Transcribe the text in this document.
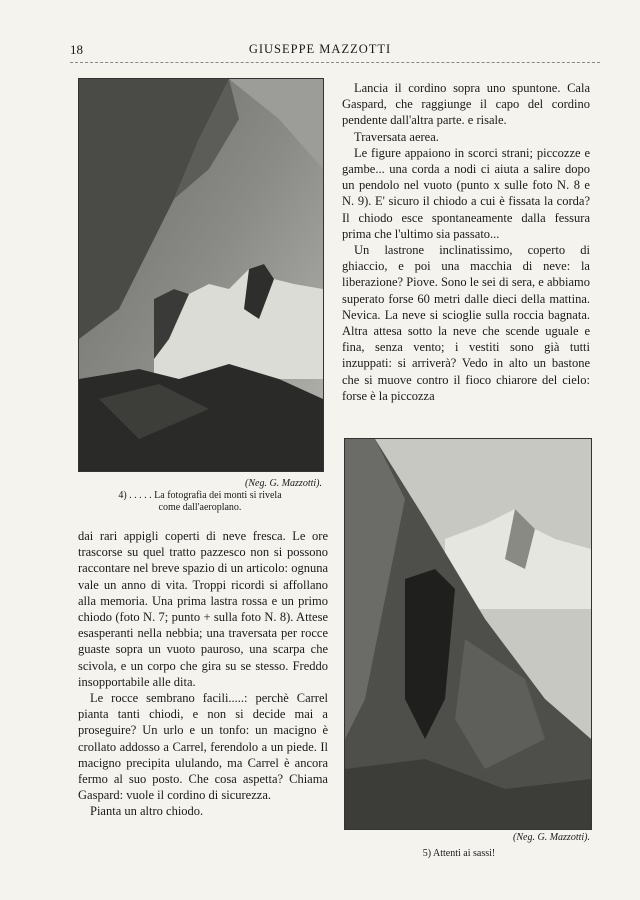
18	GIUSEPPE MAZZOTTI
(Neg. G. Mazzotti).
4) . . . . . La fotografia dei monti si rivela
come dall'aeroplano.

Lancia il cordino sopra uno spuntone. Cala Gaspard, che raggiunge il capo del cordino pendente dall'altra parte. e risale.

Traversata aerea.

Le figure appaiono in scorci strani; piccozze e gambe... una corda a nodi ci aiuta a salire dopo un pendolo nel vuoto (punto x sulle foto N. 8 e N. 9). E' sicuro il chiodo a cui è fissata la corda? Il chiodo esce spontaneamente dalla fessura prima che l'ultimo sia passato...

Un lastrone inclinatissimo, coperto di ghiaccio, e poi una macchia di neve: la liberazione? Piove. Sono le sei di sera, e abbiamo superato forse 60 metri dalle dieci della mattina. Nevica. La neve si scioglie sulla roccia bagnata. Altra attesa sotto la neve che scende uguale e fina, senza vento; i vestiti sono già tutti inzuppati: si arriverà? Vedo in alto un bastone che si muove contro il fioco chiarore del cielo: forse è la piccozza

(Neg. G. Mazzotti).
5) Attenti ai sassi!

dai rari appigli coperti di neve fresca. Le ore trascorse su quel tratto pazzesco non si possono raccontare nel breve spazio di un articolo: ognuna vale un anno di vita. Troppi ricordi si affollano alla memoria. Una prima lastra rossa e un primo chiodo (foto N. 7; punto + sulla foto N. 8). Attese esasperanti nella nebbia; una traversata per rocce guaste sopra un vuoto pauroso, una scarpa che scivola, e un corpo che gira su se stesso. Freddo insopportabile alle dita.

Le rocce sembrano facili.....: perchè Carrel pianta tanti chiodi, e non si decide mai a proseguire? Un urlo e un tonfo: un macigno è crollato addosso a Carrel, ferendolo a un piede. Il macigno precipita ululando, ma Carrel è ancora fermo al suo posto. Che cosa aspetta? Chiama Gaspard: vuole il cordino di sicurezza.

Pianta un altro chiodo.
